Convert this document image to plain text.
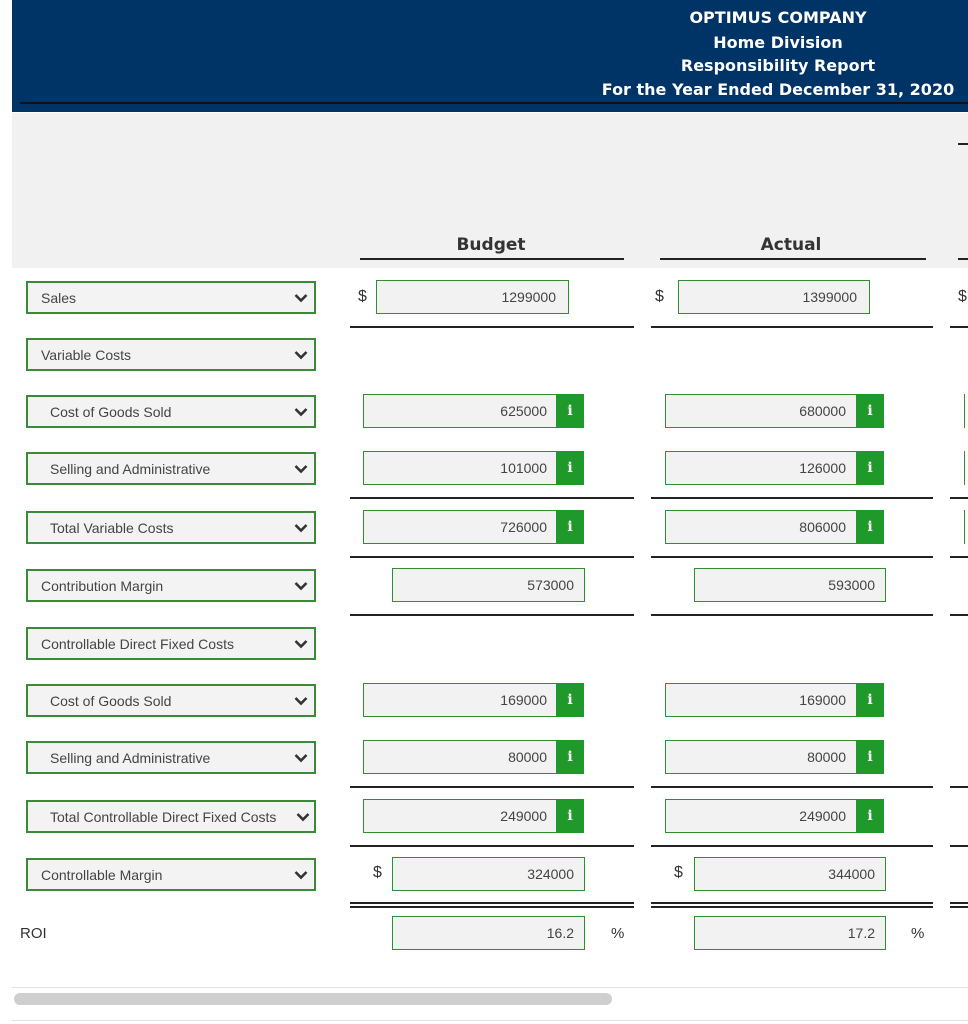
OPTIMUS COMPANY
Home Division
Responsibility Report
For the Year Ended December 31, 2020
Budget	Actual
Sales	$	1299000	$	1399000	$
Variable Costs
Cost of Goods Sold	625000	i	680000	i
Selling and Administrative	101000	i	126000	i
Total Variable Costs	726000	i	806000	i
Contribution Margin	573000	593000
Controllable Direct Fixed Costs
Cost of Goods Sold	169000	i	169000	i
Selling and Administrative	80000	i	80000	i
Total Controllable Direct Fixed Costs	249000	i	249000	i
Controllable Margin	$	324000	$	344000
ROI	16.2	%	17.2	%
